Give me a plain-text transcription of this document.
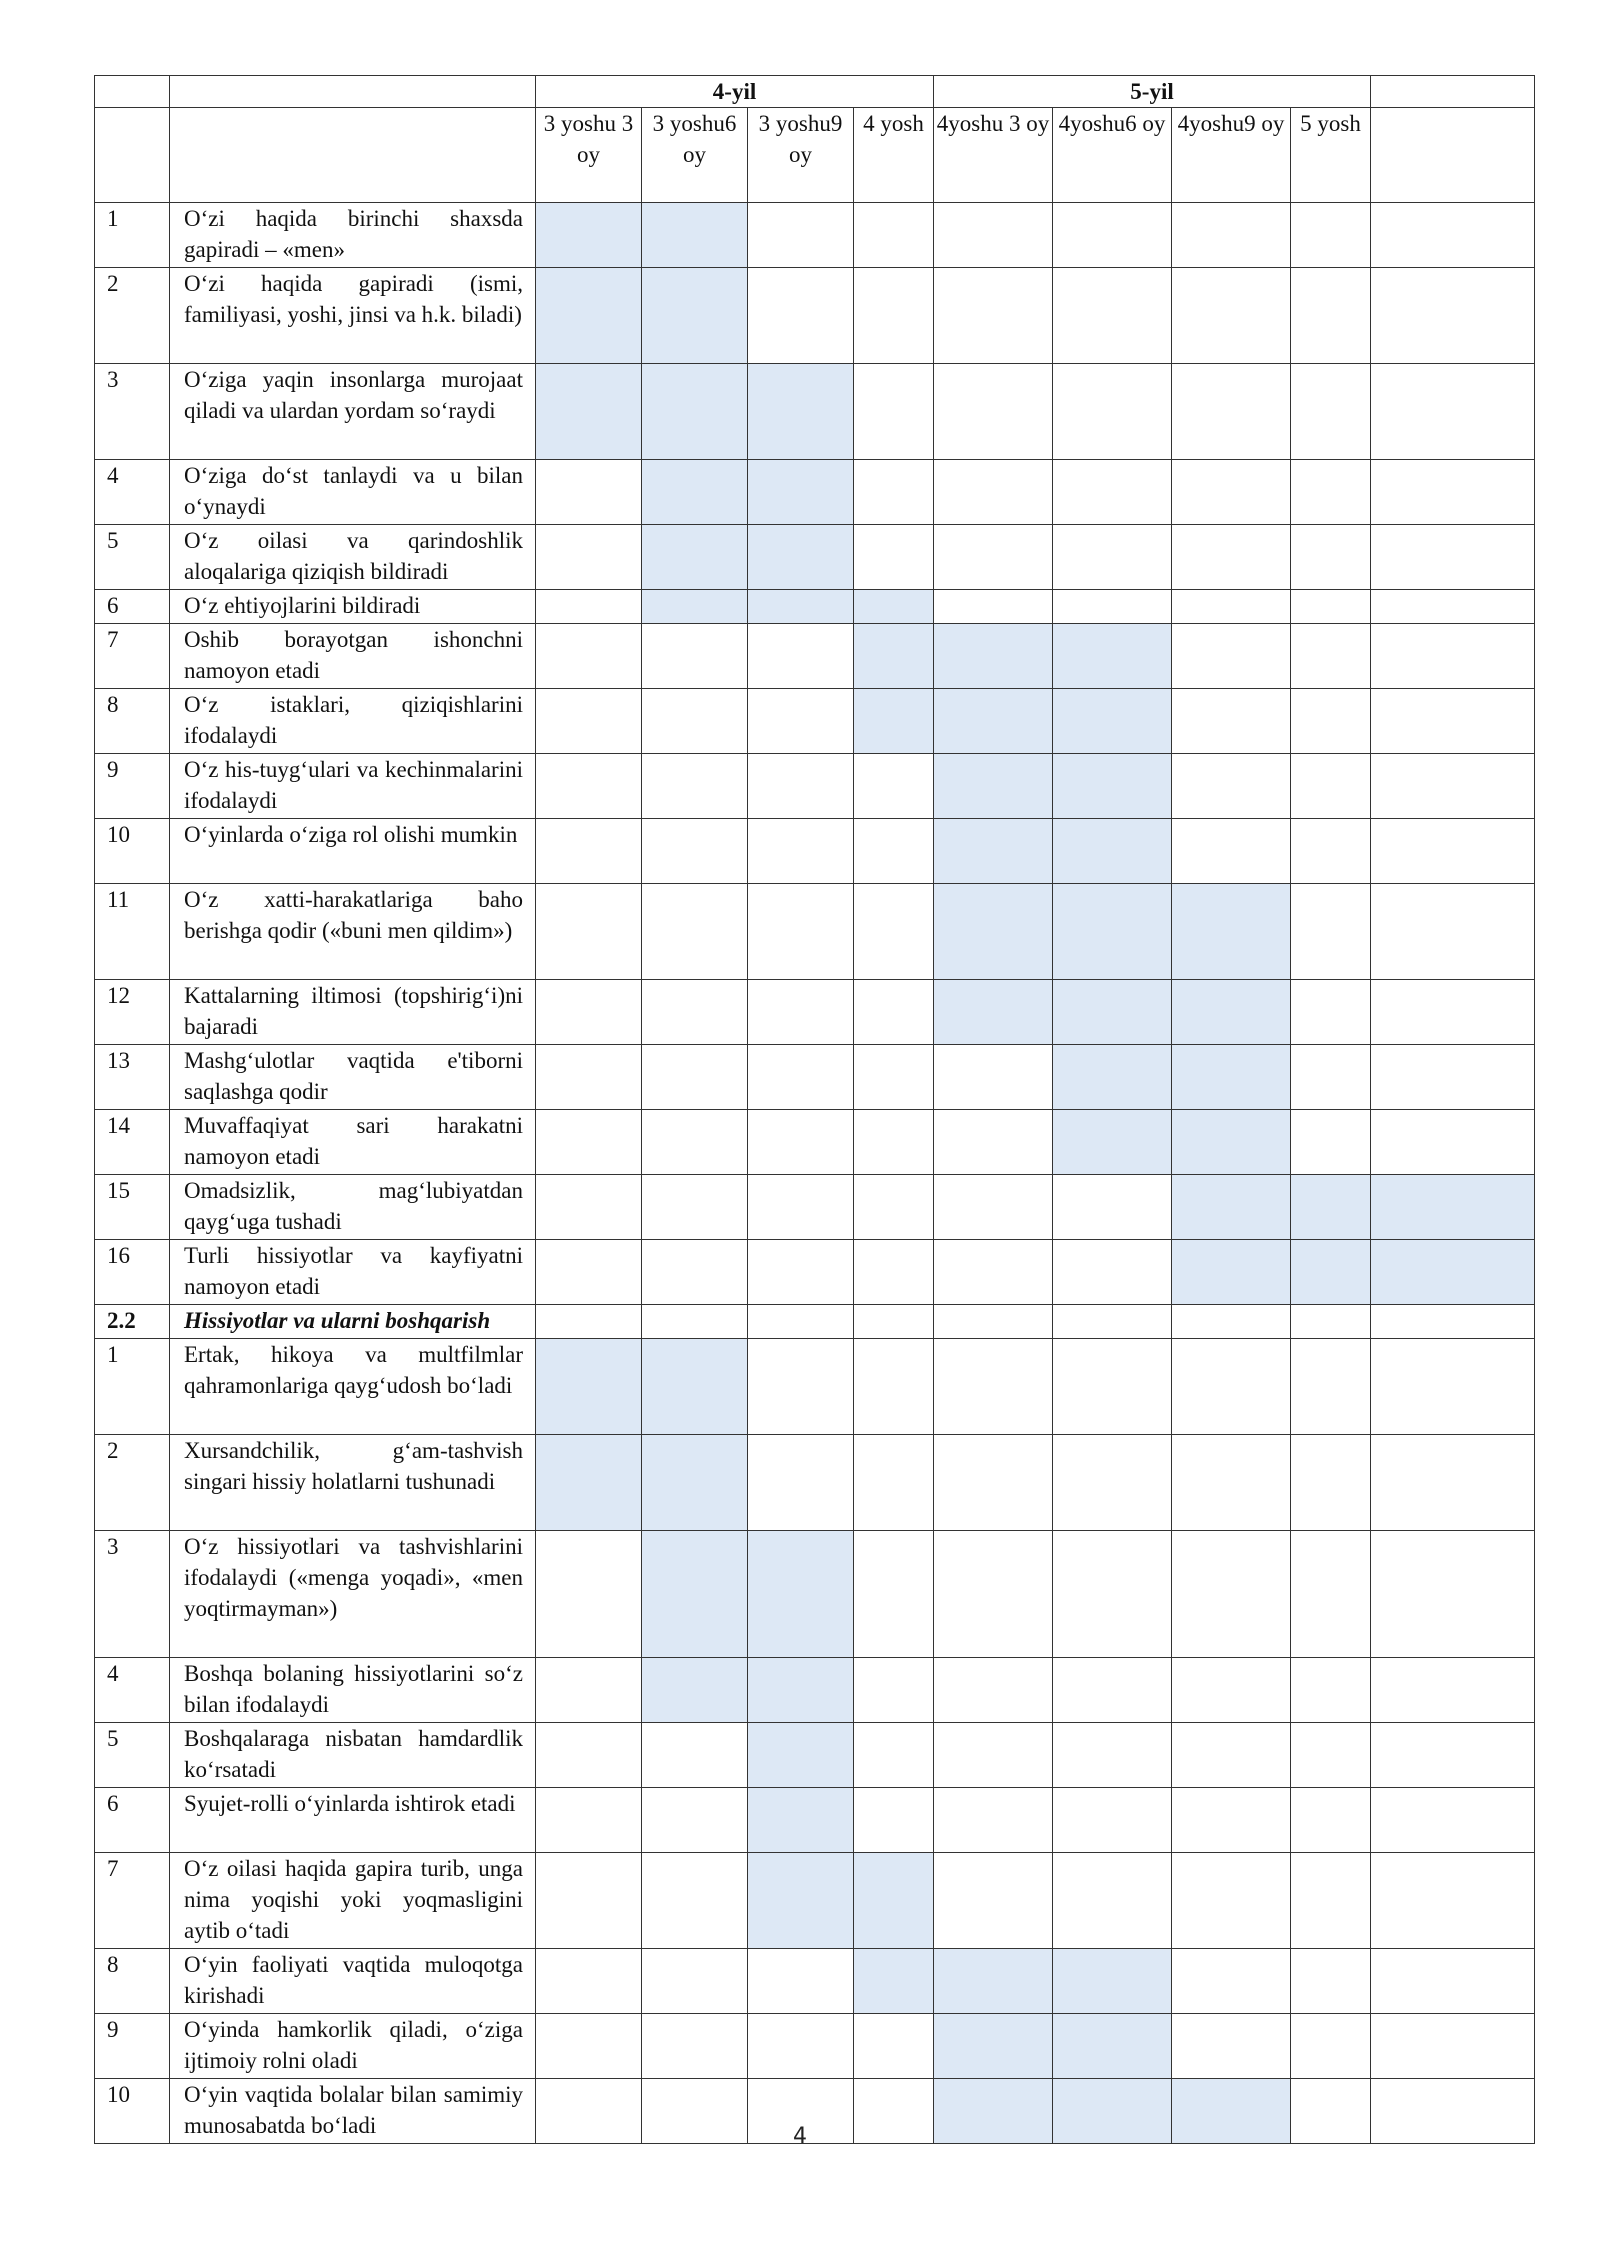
		4-yil				5-yil				
		3 yoshu 3 oy	3 yoshu6 oy	3 yoshu9 oy	4 yosh	4yoshu 3 oy	4yoshu6 oy	4yoshu9 oy	5 yosh	
1	O‘zi haqida birinchi shaxsda gapiradi – «men»									
2	O‘zi haqida gapiradi (ismi, familiyasi, yoshi, jinsi va h.k. biladi)									
3	O‘ziga yaqin insonlarga murojaat qiladi va ulardan yordam so‘raydi									
4	O‘ziga do‘st tanlaydi va u bilan o‘ynaydi									
5	O‘z oilasi va qarindoshlik aloqalariga qiziqish bildiradi									
6	O‘z ehtiyojlarini bildiradi									
7	Oshib borayotgan ishonchni namoyon etadi									
8	O‘z istaklari, qiziqishlarini ifodalaydi									
9	O‘z his-tuyg‘ulari va kechinmalarini ifodalaydi									
10	O‘yinlarda o‘ziga rol olishi mumkin									
11	O‘z xatti-harakatlariga baho berishga qodir («buni men qildim»)									
12	Kattalarning iltimosi (topshirig‘i)ni bajaradi									
13	Mashg‘ulotlar vaqtida e'tiborni saqlashga qodir									
14	Muvaffaqiyat sari harakatni namoyon etadi									
15	Omadsizlik, mag‘lubiyatdan qayg‘uga tushadi									
16	Turli hissiyotlar va kayfiyatni namoyon etadi									
2.2	Hissiyotlar va ularni boshqarish									
1	Ertak, hikoya va multfilmlar qahramonlariga qayg‘udosh bo‘ladi									
2	Xursandchilik, g‘am-tashvish singari hissiy holatlarni tushunadi									
3	O‘z hissiyotlari va tashvishlarini ifodalaydi («menga yoqadi», «men yoqtirmayman»)									
4	Boshqa bolaning hissiyotlarini so‘z bilan ifodalaydi									
5	Boshqalaraga nisbatan hamdardlik ko‘rsatadi									
6	Syujet-rolli o‘yinlarda ishtirok etadi									
7	O‘z oilasi haqida gapira turib, unga nima yoqishi yoki yoqmasligini aytib o‘tadi									
8	O‘yin faoliyati vaqtida muloqotga kirishadi									
9	O‘yinda hamkorlik qiladi, o‘ziga ijtimoiy rolni oladi									
10	O‘yin vaqtida bolalar bilan samimiy munosabatda bo‘ladi										4
